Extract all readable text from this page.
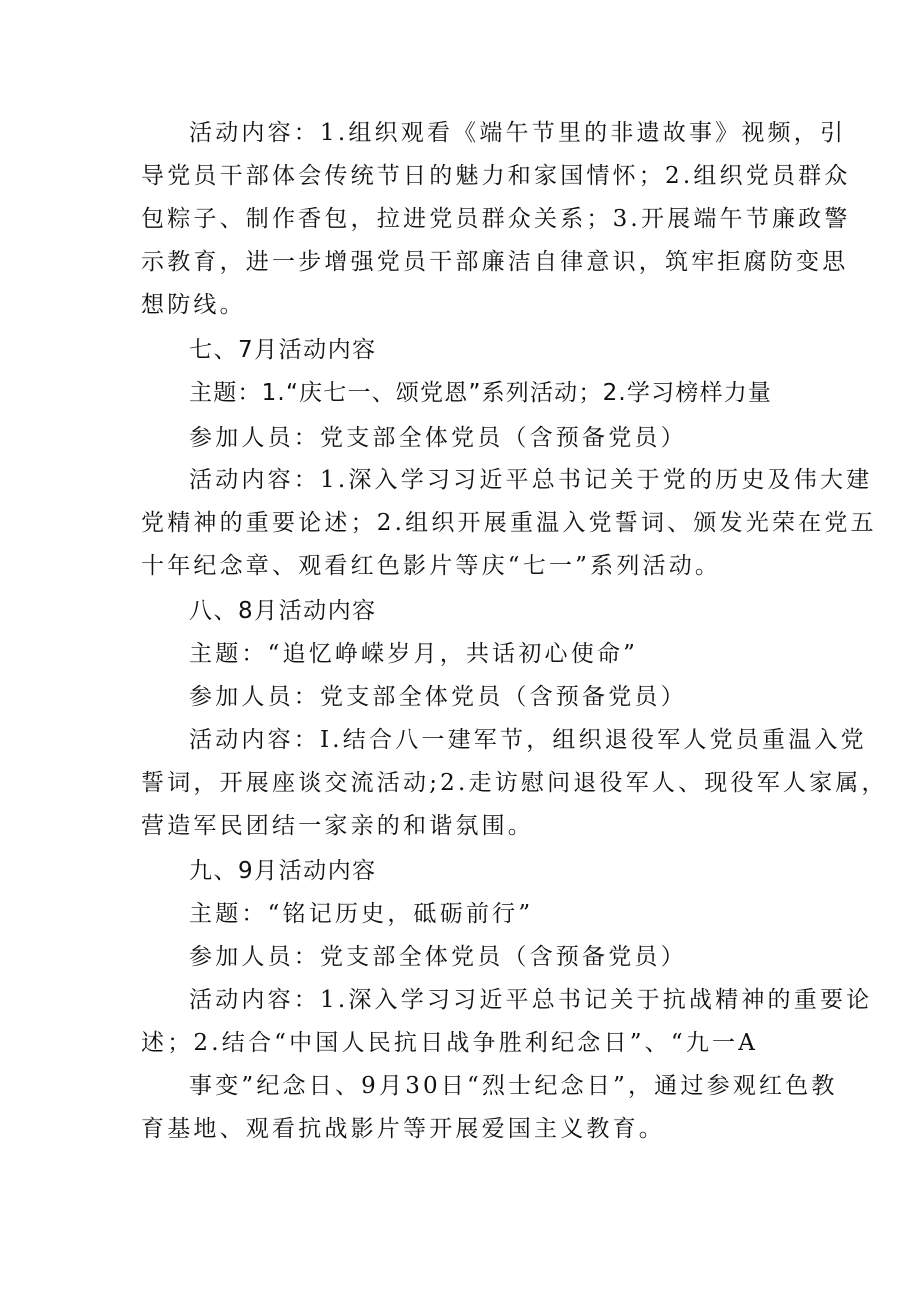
活动内容：1.组织观看《端午节里的非遗故事》视频，引
导党员干部体会传统节日的魅力和家国情怀；2.组织党员群众
包粽子、制作香包，拉进党员群众关系；3.开展端午节廉政警
示教育，进一步增强党员干部廉洁自律意识，筑牢拒腐防变思
想防线。
七、7月活动内容
主题：1.“庆七一、颂党恩”系列活动；2.学习榜样力量
参加人员：党支部全体党员（含预备党员）
活动内容：1.深入学习习近平总书记关于党的历史及伟大建
党精神的重要论述；2.组织开展重温入党誓词、颁发光荣在党五
十年纪念章、观看红色影片等庆“七一”系列活动。
八、8月活动内容
主题：“追忆峥嵘岁月，共话初心使命”
参加人员：党支部全体党员（含预备党员）
活动内容：I.结合八一建军节，组织退役军人党员重温入党
誓词，开展座谈交流活动;2.走访慰问退役军人、现役军人家属，
营造军民团结一家亲的和谐氛围。
九、9月活动内容
主题：“铭记历史，砥砺前行”
参加人员：党支部全体党员（含预备党员）
活动内容：1.深入学习习近平总书记关于抗战精神的重要论
述；2.结合“中国人民抗日战争胜利纪念日”、“九一A
事变”纪念日、9月30日“烈士纪念日”，通过参观红色教
育基地、观看抗战影片等开展爱国主义教育。
